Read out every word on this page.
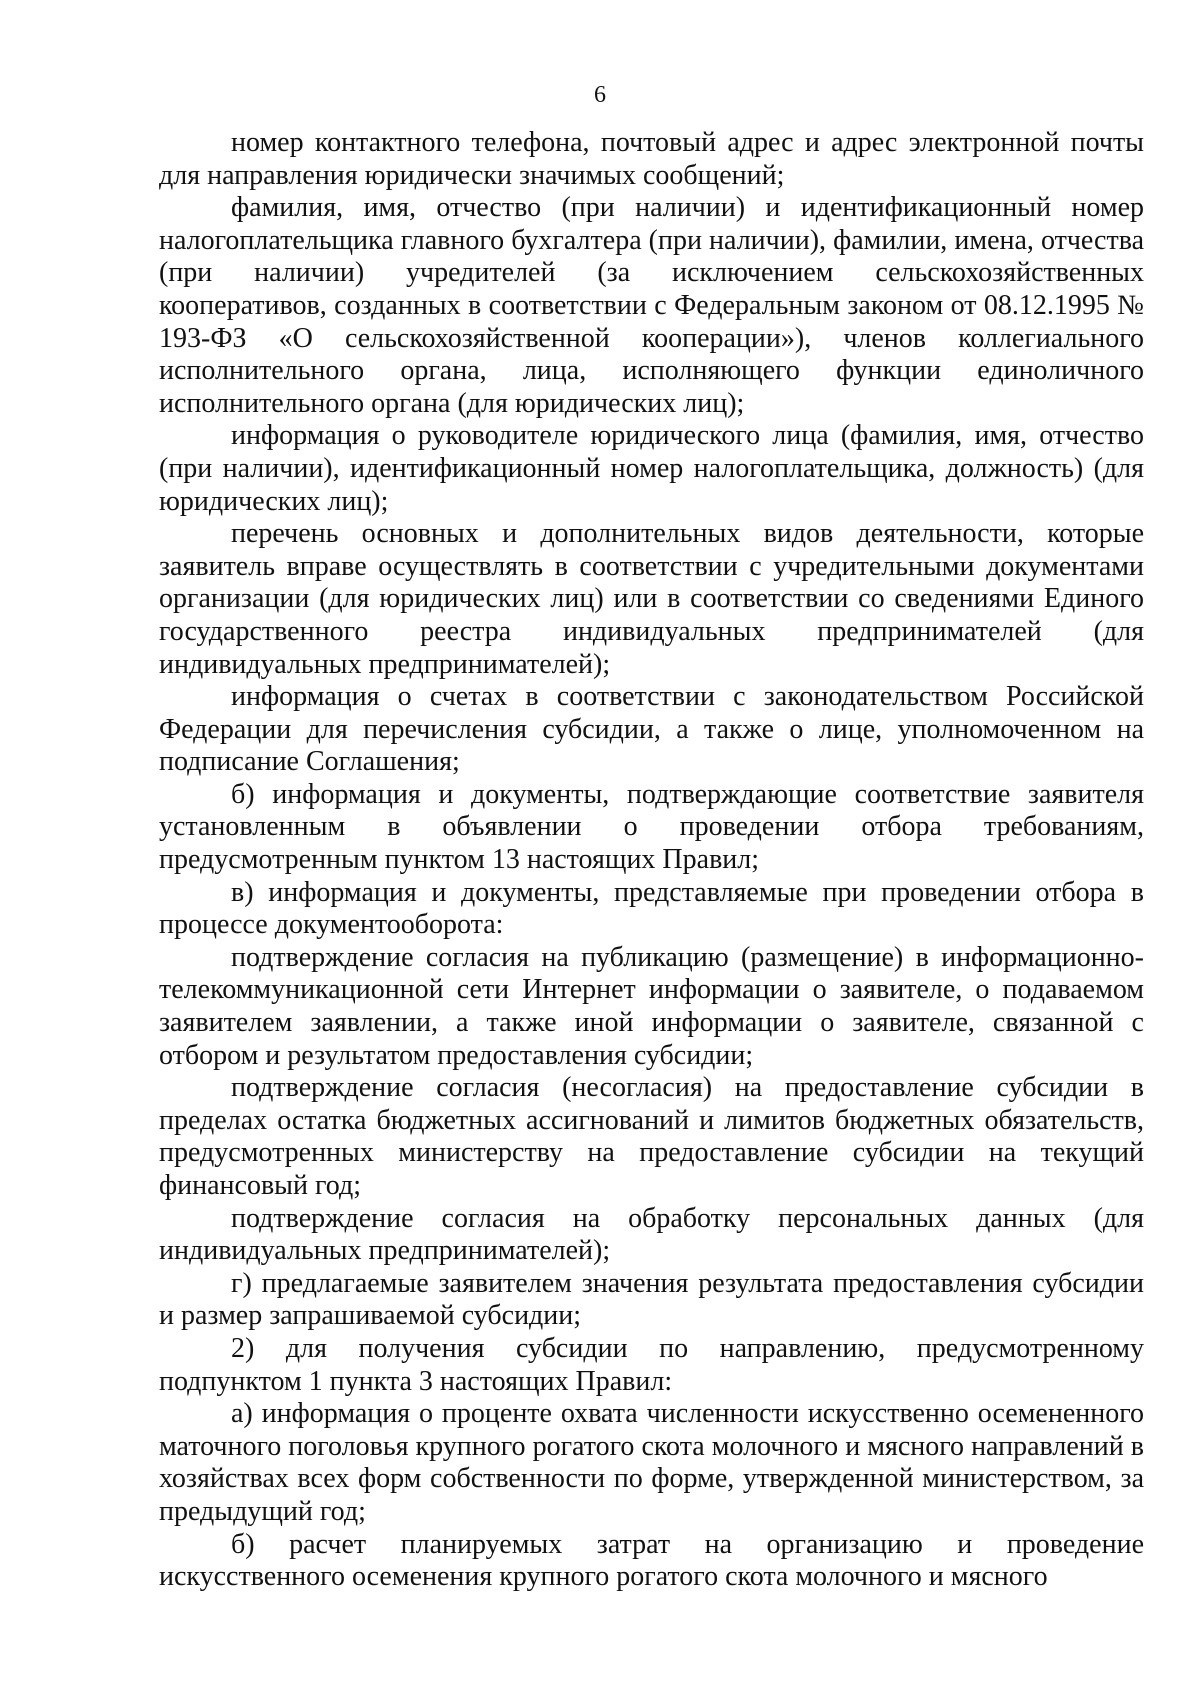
6

номер контактного телефона, почтовый адрес и адрес электронной почты для направления юридически значимых сообщений;

фамилия, имя, отчество (при наличии) и идентификационный номер налогоплательщика главного бухгалтера (при наличии), фамилии, имена, отчества (при наличии) учредителей (за исключением сельскохозяйственных кооперативов, созданных в соответствии с Федеральным законом от 08.12.1995 № 193-ФЗ «О сельскохозяйственной кооперации»), членов коллегиального исполнительного органа, лица, исполняющего функции единоличного исполнительного органа (для юридических лиц);

информация о руководителе юридического лица (фамилия, имя, отчество (при наличии), идентификационный номер налогоплательщика, должность) (для юридических лиц);

перечень основных и дополнительных видов деятельности, которые заявитель вправе осуществлять в соответствии с учредительными документами организации (для юридических лиц) или в соответствии со сведениями Единого государственного реестра индивидуальных предпринимателей (для индивидуальных предпринимателей);

информация о счетах в соответствии с законодательством Российской Федерации для перечисления субсидии, а также о лице, уполномоченном на подписание Соглашения;

б) информация и документы, подтверждающие соответствие заявителя установленным в объявлении о проведении отбора требованиям, предусмотренным пунктом 13 настоящих Правил;

в) информация и документы, представляемые при проведении отбора в процессе документооборота:

подтверждение согласия на публикацию (размещение) в информационно-телекоммуникационной сети Интернет информации о заявителе, о подаваемом заявителем заявлении, а также иной информации о заявителе, связанной с отбором и результатом предоставления субсидии;

подтверждение согласия (несогласия) на предоставление субсидии в пределах остатка бюджетных ассигнований и лимитов бюджетных обязательств, предусмотренных министерству на предоставление субсидии на текущий финансовый год;

подтверждение согласия на обработку персональных данных (для индивидуальных предпринимателей);

г) предлагаемые заявителем значения результата предоставления субсидии и размер запрашиваемой субсидии;

2) для получения субсидии по направлению, предусмотренному подпунктом 1 пункта 3 настоящих Правил:

а) информация о проценте охвата численности искусственно осемененного маточного поголовья крупного рогатого скота молочного и мясного направлений в хозяйствах всех форм собственности по форме, утвержденной министерством, за предыдущий год;

б) расчет планируемых затрат на организацию и проведение искусственного осеменения крупного рогатого скота молочного и мясного
